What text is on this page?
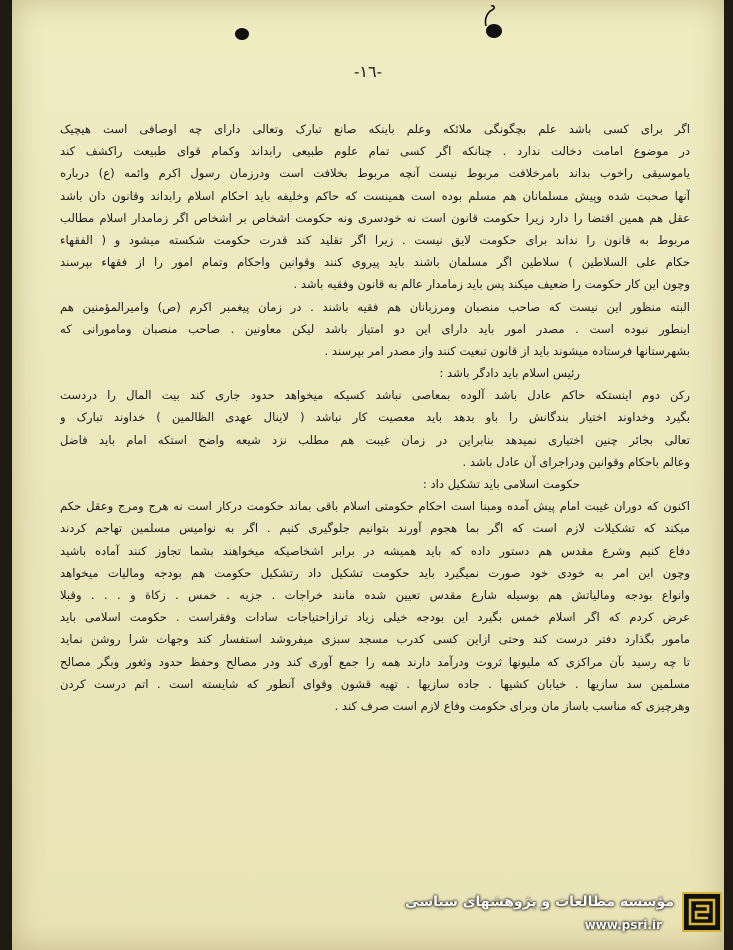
-١٦-
اگر برای کسی باشد علم بچگونگی ملائکه وعلم باینکه صانع تبارک وتعالی دارای چه اوصافی است هیچیک
در موضوع امامت دخالت ندارد . چنانکه اگر کسی تمام علوم طبیعی رابداند وکمام قوای طبیعت راکشف کند
یاموسیقی راخوب بداند بامرخلافت مربوط نیست آنچه مربوط بخلافت است ودرزمان رسول اکرم وائمه (ع) درباره
آنها صحبت شده وپیش مسلمانان هم مسلم بوده است همینست که حاکم وخلیفه باید احکام اسلام رابداند وقانون دان باشد
عقل هم همین اقتضا را دارد زیرا حکومت قانون است نه خودسری ونه حکومت اشخاص بر اشخاص اگر زمامدار اسلام مطالب
مربوط به قانون را نداند برای حکومت لایق نیست . زیرا اگر تقلید کند قدرت حکومت شکسته میشود و ( الفقهاء
حکام علی السلاطین ) سلاطین اگر مسلمان باشند باید پیروی کنند وقوانین واحکام وتمام امور را از فقهاء بپرسند
وچون این کار حکومت را ضعیف میکند پس باید زمامدار عالم به قانون وفقیه باشد .
البته منظور این نیست که صاحب منصبان ومرزبانان هم فقیه باشند . در زمان پیغمبر اکرم (ص) وامیرالمؤمنین هم
اینطور نبوده است . مصدر امور باید دارای این دو امتیاز باشد لیکن معاونین . صاحب منصبان ومامورانی که
بشهرستانها فرستاده میشوند باید از قانون تبعیت کنند واز مصدر امر بپرسند .
رئیس اسلام باید دادگر باشد :
رکن دوم اینستکه حاکم عادل باشد آلوده بمعاصی نباشد کسیکه میخواهد حدود جاری کند بیت المال را دردست
بگیرد وخداوند اختیار بندگانش را باو بدهد باید معصیت کار نباشد ( لاینال عهدی الظالمین ) خداوند تبارک و
تعالی بجائر چنین اختیاری نمیدهد بنابراین در زمان غیبت هم مطلب نزد شیعه واضح استکه امام باید فاضل
وعالم باحکام وقوانین ودراجرای آن عادل باشد .
حکومت اسلامی باید تشکیل داد :
اکنون که دوران غیبت امام پیش آمده ومبنا است احکام حکومتی اسلام باقی بماند حکومت درکار است نه هرج ومرج وعقل حکم
میکند که تشکیلات لازم است که اگر بما هجوم آورند بتوانیم جلوگیری کنیم . اگر به نوامیس مسلمین تهاجم کردند
دفاع کنیم وشرع مقدس هم دستور داده که باید همیشه در برابر اشخاصیکه میخواهند بشما تجاوز کنند آماده باشید
وچون این امر به خودی خود صورت نمیگیرد باید حکومت تشکیل داد رتشکیل حکومت هم بودجه ومالیات میخواهد
وانواع بودجه ومالیاتش هم بوسیله شارع مقدس تعیین شده مانند خراجات . جزیه . خمس . زکاة و . . . وقبلا
عرض کردم که اگر اسلام خمس بگیرد این بودجه خیلی زیاد ترازاحتیاجات سادات وفقراست . حکومت اسلامی باید
مامور بگذارد دفتر درست کند وحتی ازاین کسی کدرب مسجد سبزی میفروشد استفسار کند وجهات شرا روشن نماید
تا چه رسید بآن مراکزی که ملیونها ثروت ودرآمد دارند همه را جمع آوری کند ودر مصالح وحفظ حدود وثغور وبگر مصالح
مسلمین سد سازیها . خیابان کشیها . جاده سازیها . تهیه قشون وقوای آنطور که شایسته است . اتم درست کردن
وهرچیزی که مناسب باساز مان وبرای حکومت وفاع لازم است صرف کند .
مؤسسه مطالعات و پژوهشهای سیاسی
www.psri.ir
